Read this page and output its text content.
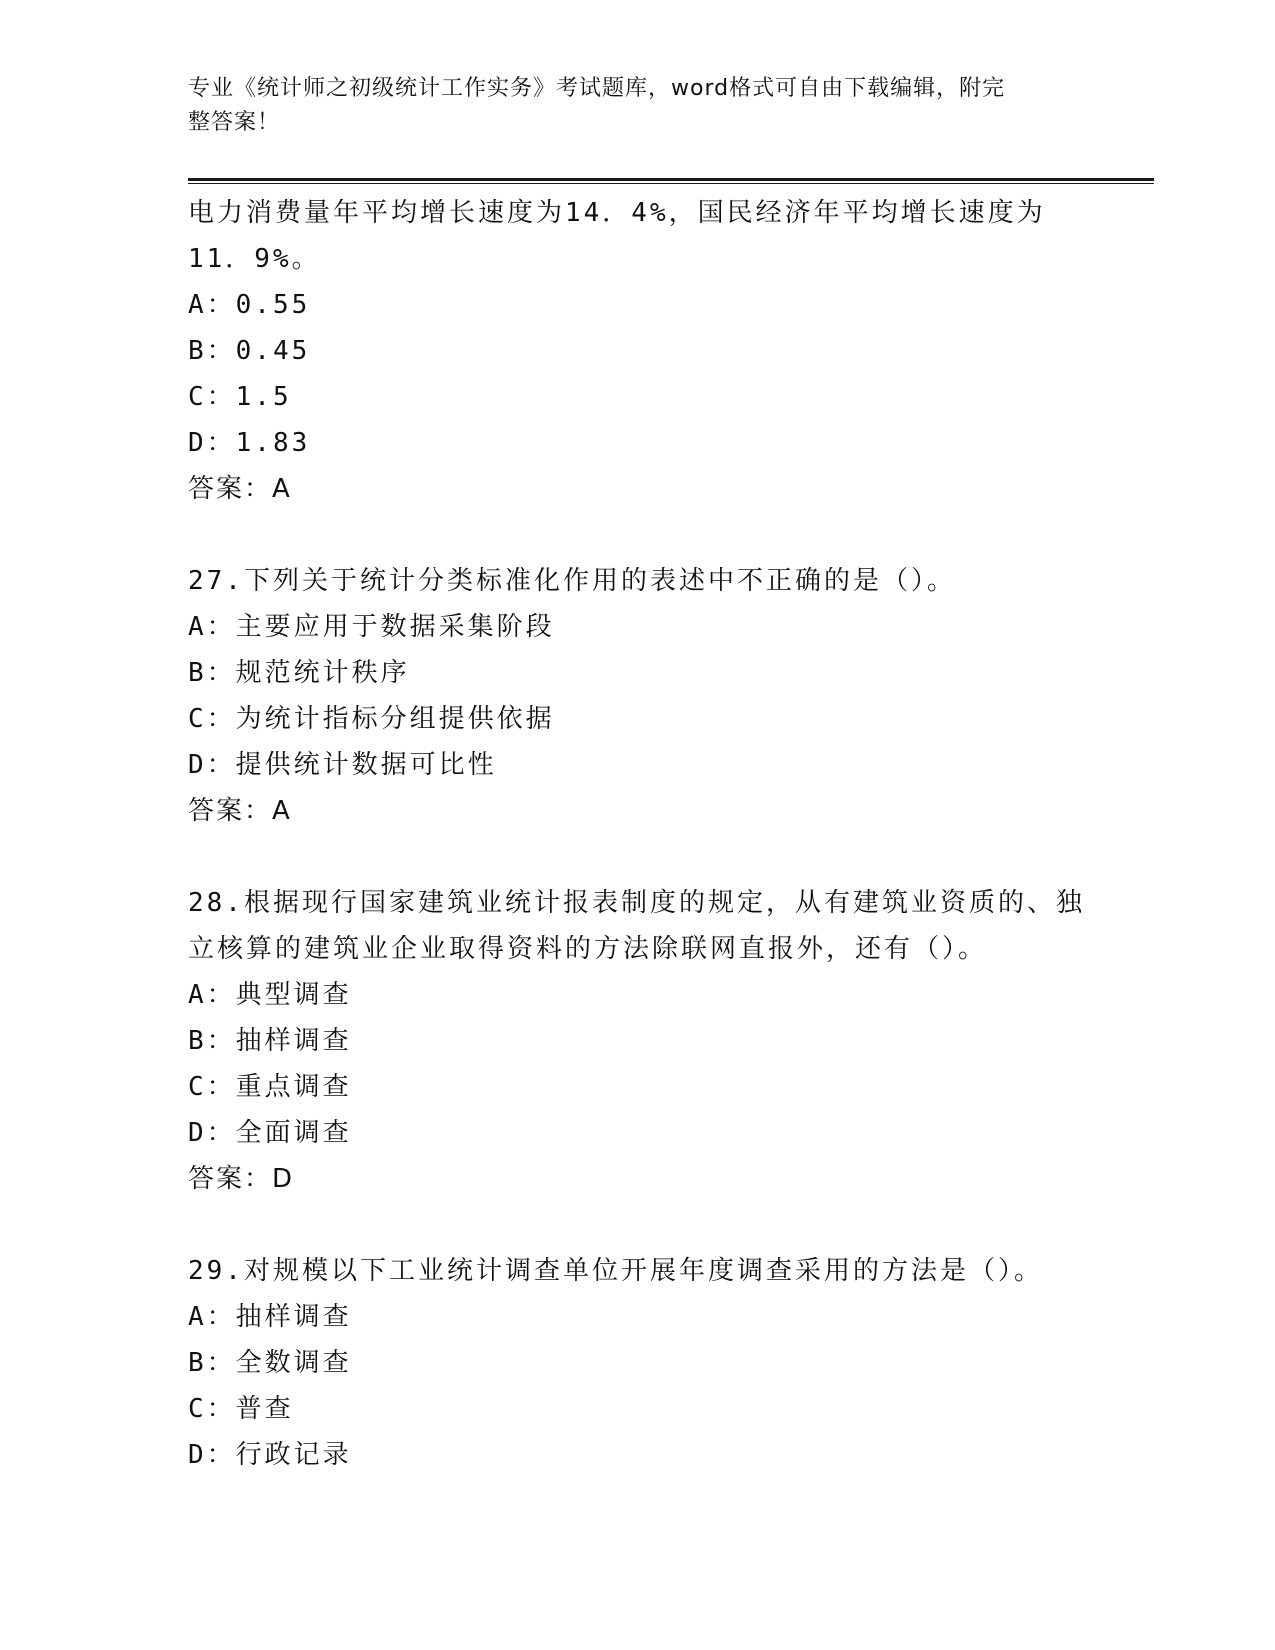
专业《统计师之初级统计工作实务》考试题库，word格式可自由下载编辑，附完
整答案！
电力消费量年平均增长速度为14．4%，国民经济年平均增长速度为
11．9%。
A：0.55
B：0.45
C：1.5
D：1.83
答案：A
27.下列关于统计分类标准化作用的表述中不正确的是（）。
A：主要应用于数据采集阶段
B：规范统计秩序
C：为统计指标分组提供依据
D：提供统计数据可比性
答案：A
28.根据现行国家建筑业统计报表制度的规定，从有建筑业资质的、独
立核算的建筑业企业取得资料的方法除联网直报外，还有（）。
A：典型调查
B：抽样调查
C：重点调查
D：全面调查
答案：D
29.对规模以下工业统计调查单位开展年度调查采用的方法是（）。
A：抽样调查
B：全数调查
C：普查
D：行政记录
